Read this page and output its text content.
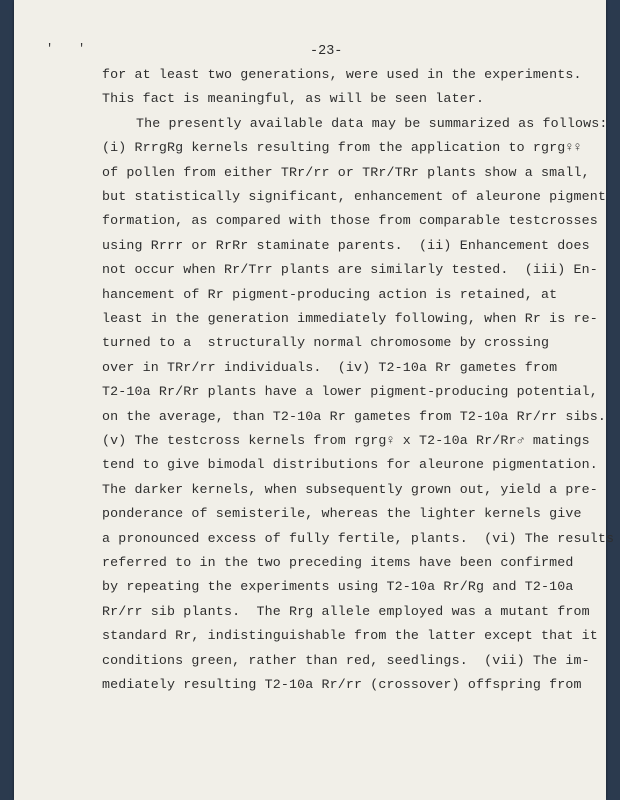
' '	-23-
for at least two generations, were used in the experiments.
This fact is meaningful, as will be seen later.
The presently available data may be summarized as follows:
(i) RrrgRg kernels resulting from the application to rgrg♀♀
of pollen from either TRr/rr or TRr/TRr plants show a small,
but statistically significant, enhancement of aleurone pigment
formation, as compared with those from comparable testcrosses
using Rrrr or RrRr staminate parents.  (ii) Enhancement does
not occur when Rr/Trr plants are similarly tested.  (iii) En-
hancement of Rr pigment-producing action is retained, at
least in the generation immediately following, when Rr is re-
turned to a  structurally normal chromosome by crossing
over in TRr/rr individuals.  (iv) T2-10a Rr gametes from
T2-10a Rr/Rr plants have a lower pigment-producing potential,
on the average, than T2-10a Rr gametes from T2-10a Rr/rr sibs.
(v) The testcross kernels from rgrg♀ x T2-10a Rr/Rr♂ matings
tend to give bimodal distributions for aleurone pigmentation.
The darker kernels, when subsequently grown out, yield a pre-
ponderance of semisterile, whereas the lighter kernels give
a pronounced excess of fully fertile, plants.  (vi) The results
referred to in the two preceding items have been confirmed
by repeating the experiments using T2-10a Rr/Rg and T2-10a
Rr/rr sib plants.  The Rrg allele employed was a mutant from
standard Rr, indistinguishable from the latter except that it
conditions green, rather than red, seedlings.  (vii) The im-
mediately resulting T2-10a Rr/rr (crossover) offspring from
